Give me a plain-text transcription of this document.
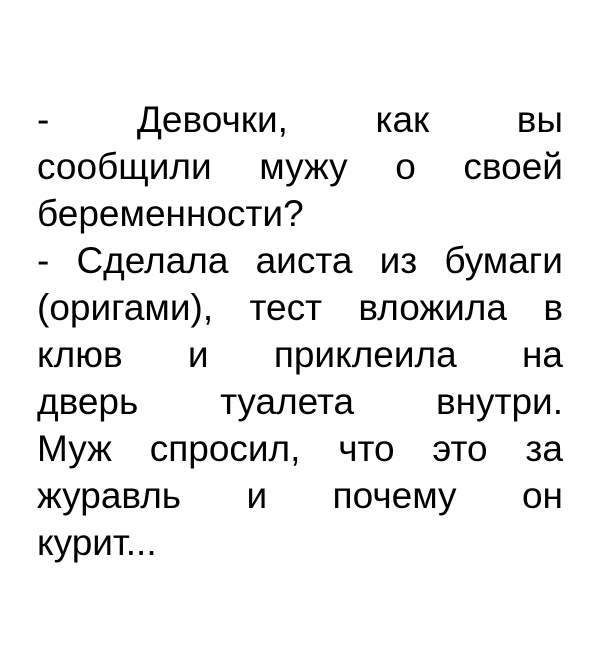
- Девочки, как вы
сообщили мужу о своей
беременности?
- Сделала аиста из бумаги
(оригами), тест вложила в
клюв и приклеила на
дверь туалета внутри.
Муж спросил, что это за
журавль и почему он
курит...
